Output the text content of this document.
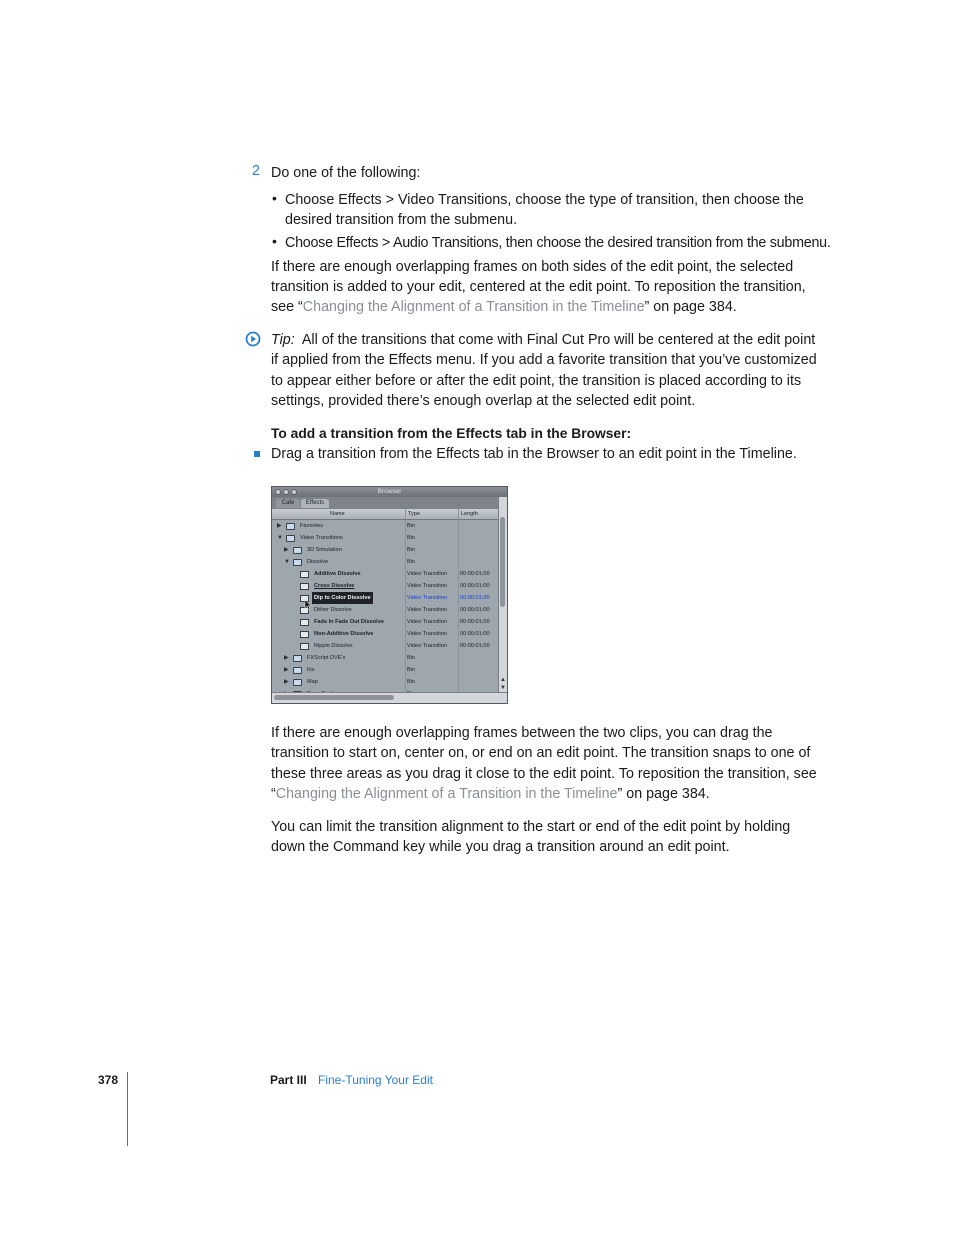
2 Do one of the following:
• Choose Effects > Video Transitions, choose the type of transition, then choose the
desired transition from the submenu.
• Choose Effects > Audio Transitions, then choose the desired transition from the submenu.
If there are enough overlapping frames on both sides of the edit point, the selected
transition is added to your edit, centered at the edit point. To reposition the transition,
see “Changing the Alignment of a Transition in the Timeline” on page 384.
Tip: All of the transitions that come with Final Cut Pro will be centered at the edit point
if applied from the Effects menu. If you add a favorite transition that you’ve customized
to appear either before or after the edit point, the transition is placed according to its
settings, provided there’s enough overlap at the selected edit point.
To add a transition from the Effects tab in the Browser:
Drag a transition from the Effects tab in the Browser to an edit point in the Timeline.
Browser
Cafe	Effects
Name	Type	Length
▶	Favorites	Bin
▼	Video Transitions	Bin
▶	3D Simulation	Bin
▼	Dissolve	Bin
Additive Dissolve	Video Transition 00:00:01;00
Cross Dissolve	Video Transition 00:00:01;00
Dip to Color Dissolve	Video Transition 00:00:01;00
Dither Dissolve	Video Transition 00:00:01;00
Fade In Fade Out Dissolve	Video Transition 00:00:01;00
Non-Additive Dissolve	Video Transition 00:00:01;00
Ripple Dissolve	Video Transition 00:00:01;00
▶	FXScript DVE's	Bin
▶	Iris	Bin
▶	Map	Bin	▲
▼
If there are enough overlapping frames between the two clips, you can drag the
transition to start on, center on, or end on an edit point. The transition snaps to one of
these three areas as you drag it close to the edit point. To reposition the transition, see
“Changing the Alignment of a Transition in the Timeline” on page 384.
You can limit the transition alignment to the start or end of the edit point by holding
down the Command key while you drag a transition around an edit point.
378	Part III Fine-Tuning Your Edit
